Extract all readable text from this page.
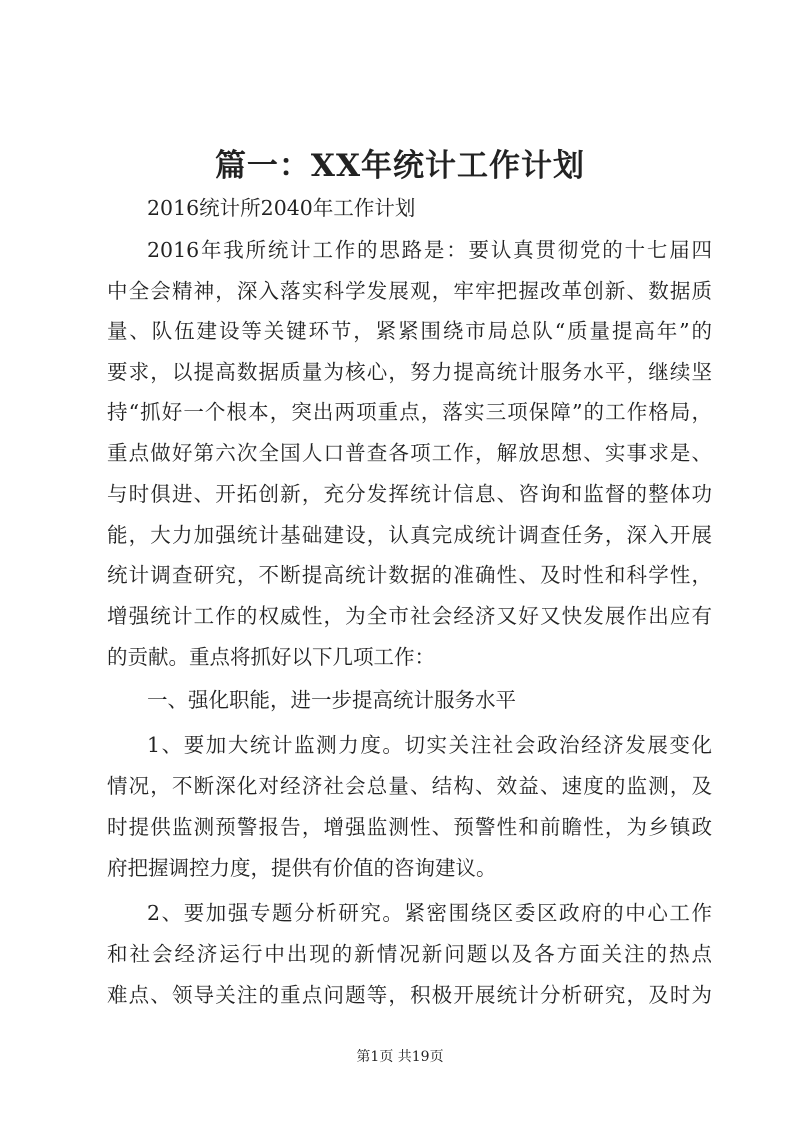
篇一：XX年统计工作计划
2016统计所2040年工作计划
2016年我所统计工作的思路是：要认真贯彻党的十七届四
中全会精神，深入落实科学发展观，牢牢把握改革创新、数据质
量、队伍建设等关键环节，紧紧围绕市局总队“质量提高年”的
要求，以提高数据质量为核心，努力提高统计服务水平，继续坚
持“抓好一个根本，突出两项重点，落实三项保障”的工作格局，
重点做好第六次全国人口普查各项工作，解放思想、实事求是、
与时俱进、开拓创新，充分发挥统计信息、咨询和监督的整体功
能，大力加强统计基础建设，认真完成统计调查任务，深入开展
统计调查研究，不断提高统计数据的准确性、及时性和科学性，
增强统计工作的权威性，为全市社会经济又好又快发展作出应有
的贡献。重点将抓好以下几项工作：
一、强化职能，进一步提高统计服务水平
1、要加大统计监测力度。切实关注社会政治经济发展变化
情况，不断深化对经济社会总量、结构、效益、速度的监测，及
时提供监测预警报告，增强监测性、预警性和前瞻性，为乡镇政
府把握调控力度，提供有价值的咨询建议。
2、要加强专题分析研究。紧密围绕区委区政府的中心工作
和社会经济运行中出现的新情况新问题以及各方面关注的热点
难点、领导关注的重点问题等，积极开展统计分析研究，及时为
第1页 共19页
